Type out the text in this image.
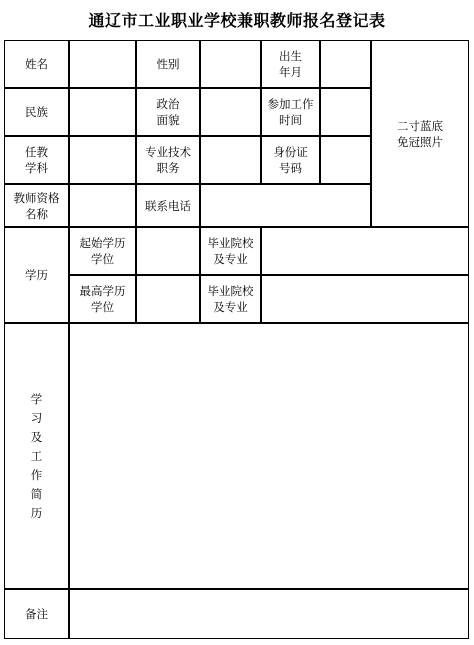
通辽市工业职业学校兼职教师报名登记表
姓名	性别
出生
年月
二寸蓝底
免冠照片
民族
政治
面貌
参加工作
时间
任教
学科
专业技术
职务
身份证
号码
教师资格
名称
联系电话
学历
起始学历
学位
毕业院校
及专业
最高学历
学位
毕业院校
及专业
学
习
及
工
作
简
历
备注
